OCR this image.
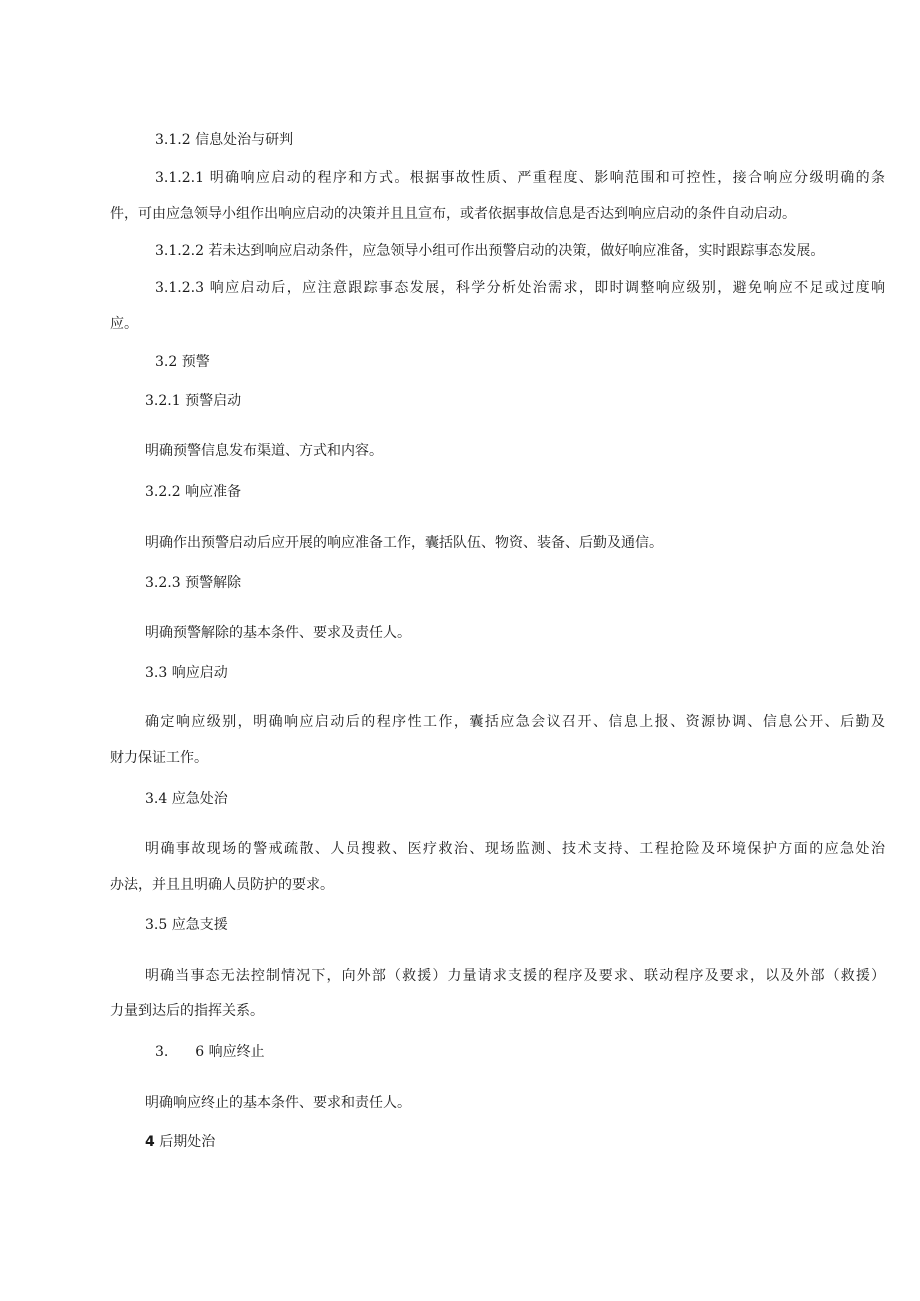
3.1.2 信息处治与研判
3.1.2.1 明确响应启动的程序和方式。根据事故性质、严重程度、影响范围和可控性，接合响应分级明确的条
件，可由应急领导小组作出响应启动的决策并且且宣布，或者依据事故信息是否达到响应启动的条件自动启动。
3.1.2.2 若未达到响应启动条件，应急领导小组可作出预警启动的决策，做好响应准备，实时跟踪事态发展。
3.1.2.3 响应启动后，应注意跟踪事态发展，科学分析处治需求，即时调整响应级别，避免响应不足或过度响
应。
3.2 预警
3.2.1 预警启动
明确预警信息发布渠道、方式和内容。
3.2.2 响应准备
明确作出预警启动后应开展的响应准备工作，囊括队伍、物资、装备、后勤及通信。
3.2.3 预警解除
明确预警解除的基本条件、要求及责任人。
3.3 响应启动
确定响应级别，明确响应启动后的程序性工作，囊括应急会议召开、信息上报、资源协调、信息公开、后勤及
财力保证工作。
3.4 应急处治
明确事故现场的警戒疏散、人员搜救、医疗救治、现场监测、技术支持、工程抢险及环境保护方面的应急处治
办法，并且且明确人员防护的要求。
3.5 应急支援
明确当事态无法控制情况下，向外部（救援）力量请求支援的程序及要求、联动程序及要求，以及外部（救援）
力量到达后的指挥关系。
3. 6 响应终止
明确响应终止的基本条件、要求和责任人。
4 后期处治
